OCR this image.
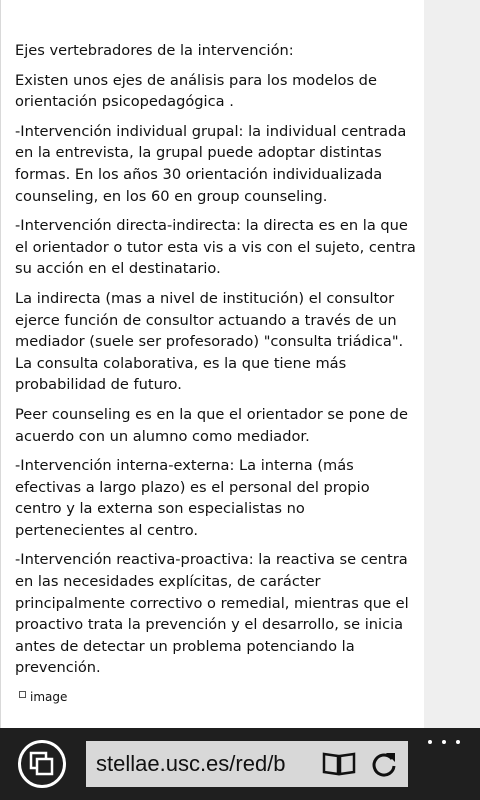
Ejes vertebradores de la intervención:

Existen unos ejes de análisis para los modelos de orientación psicopedagógica .

-Intervención individual grupal: la individual centrada en la entrevista, la grupal puede adoptar distintas formas. En los años 30 orientación individualizada counseling, en los 60 en group counseling.

-Intervención directa-indirecta: la directa es en la que el orientador o tutor esta vis a vis con el sujeto, centra su acción en el destinatario.

La indirecta (mas a nivel de institución) el consultor ejerce función de consultor actuando a través de un mediador (suele ser profesorado) "consulta triádica". La consulta colaborativa, es la que tiene más probabilidad de futuro.

Peer counseling es en la que el orientador se pone de acuerdo con un alumno como mediador.

-Intervención interna-externa: La interna (más efectivas a largo plazo) es el personal del propio centro y la externa son especialistas no pertenecientes al centro.

-Intervención reactiva-proactiva: la reactiva se centra en las necesidades explícitas, de carácter principalmente correctivo o remedial, mientras que el proactivo trata la prevención y el desarrollo, se inicia antes de detectar un problema potenciando la prevención.

image
stellae.usc.es/red/b
